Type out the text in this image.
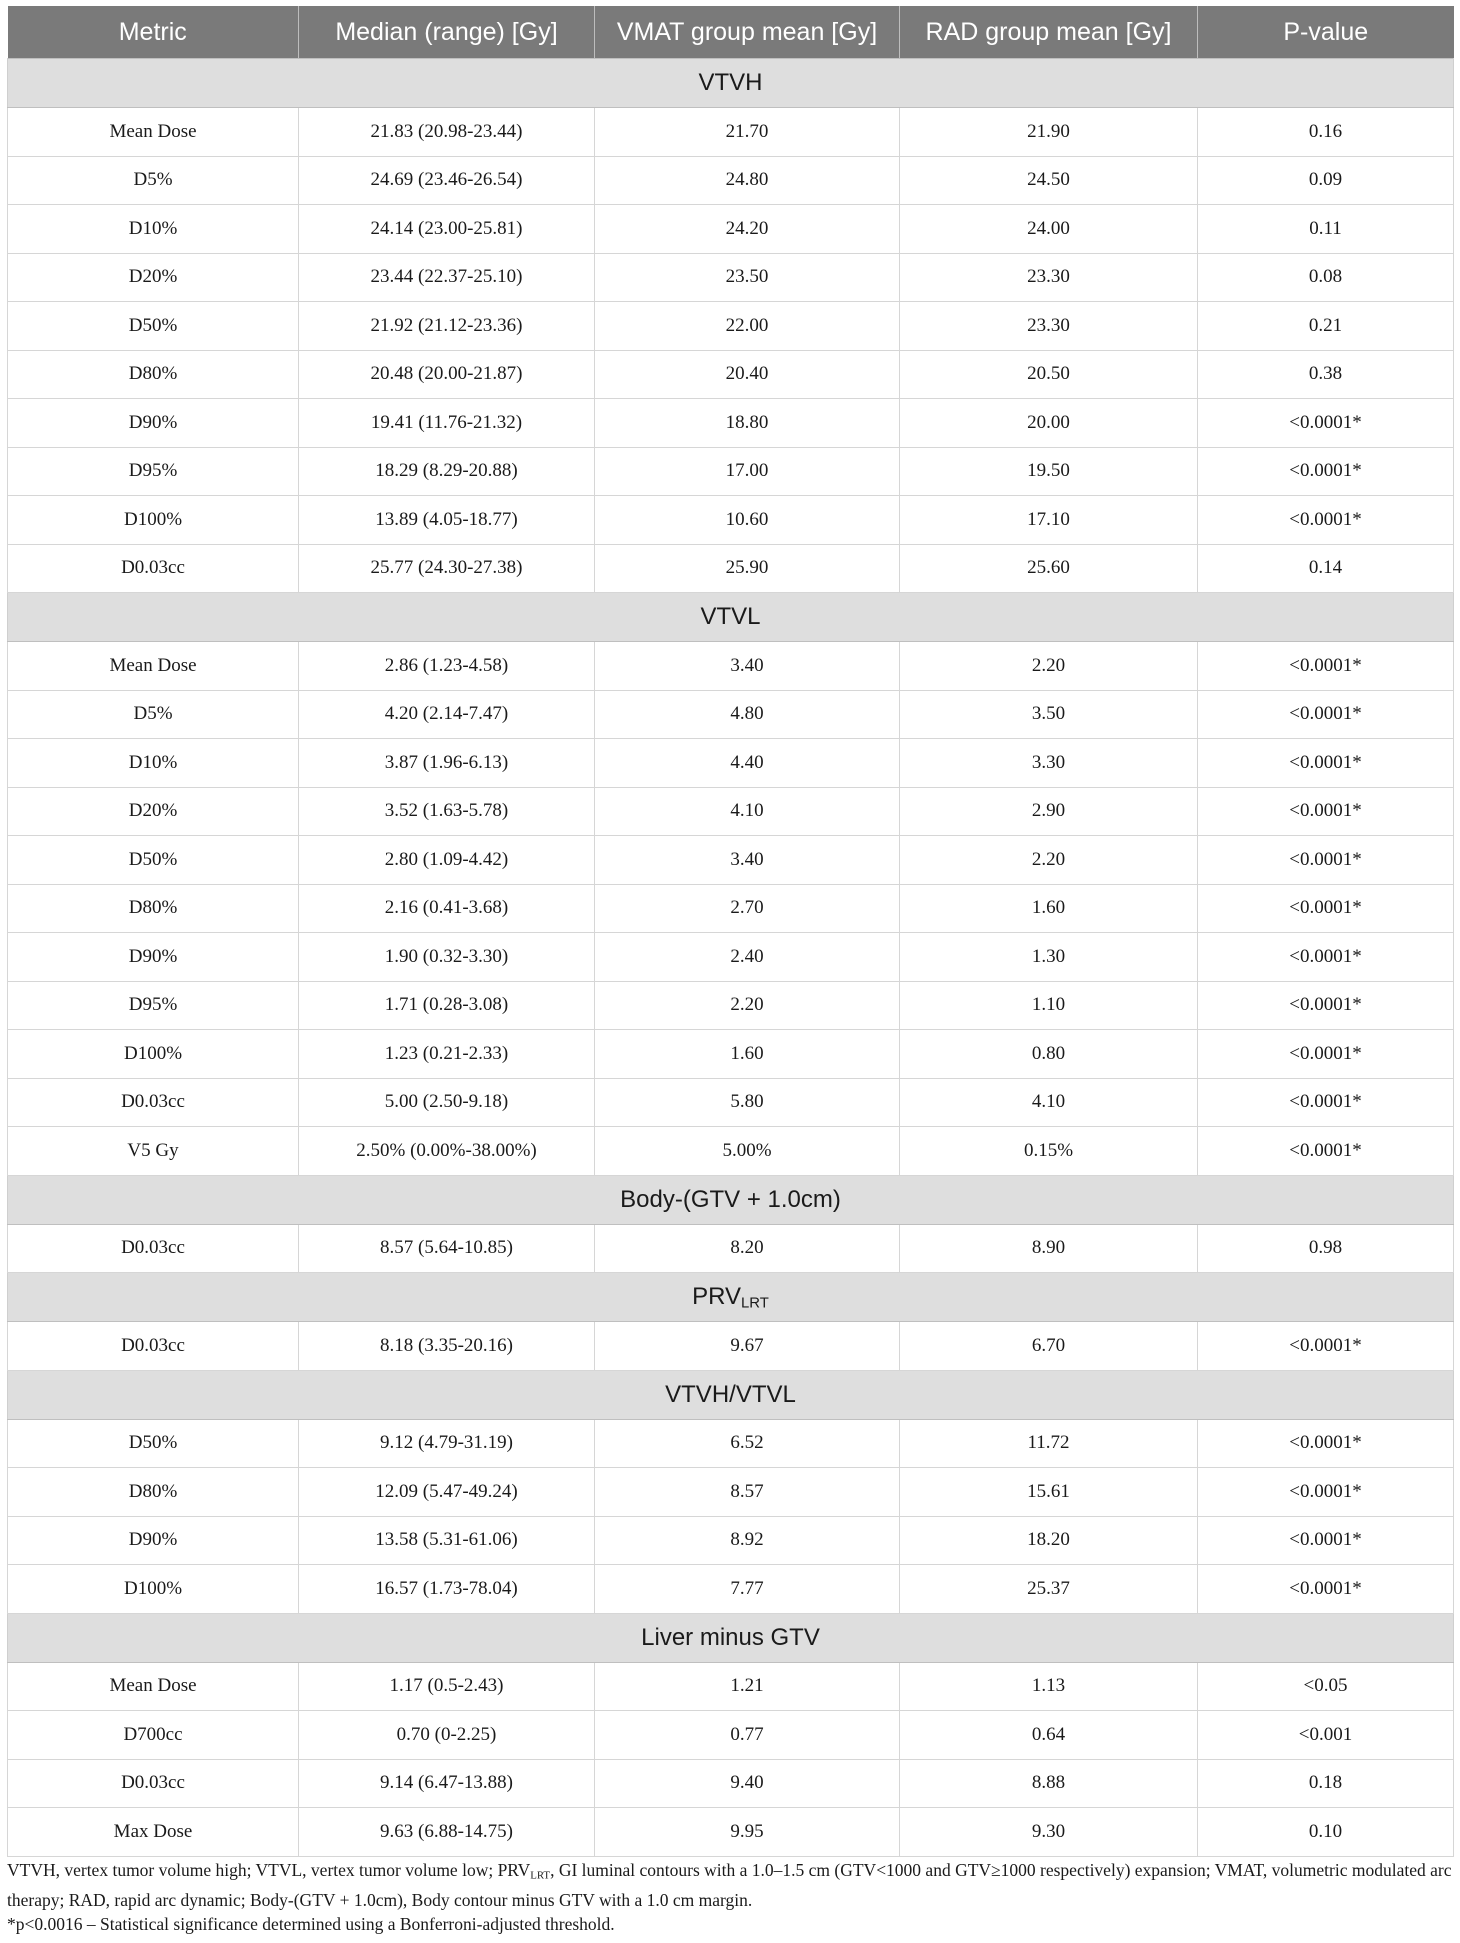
Metric	Median (range) [Gy]	VMAT group mean [Gy]	RAD group mean [Gy]	P-value
VTVH				
Mean Dose	21.83 (20.98-23.44)	21.70	21.90	0.16
D5%	24.69 (23.46-26.54)	24.80	24.50	0.09
D10%	24.14 (23.00-25.81)	24.20	24.00	0.11
D20%	23.44 (22.37-25.10)	23.50	23.30	0.08
D50%	21.92 (21.12-23.36)	22.00	23.30	0.21
D80%	20.48 (20.00-21.87)	20.40	20.50	0.38
D90%	19.41 (11.76-21.32)	18.80	20.00	<0.0001*
D95%	18.29 (8.29-20.88)	17.00	19.50	<0.0001*
D100%	13.89 (4.05-18.77)	10.60	17.10	<0.0001*
D0.03cc	25.77 (24.30-27.38)	25.90	25.60	0.14
VTVL				
Mean Dose	2.86 (1.23-4.58)	3.40	2.20	<0.0001*
D5%	4.20 (2.14-7.47)	4.80	3.50	<0.0001*
D10%	3.87 (1.96-6.13)	4.40	3.30	<0.0001*
D20%	3.52 (1.63-5.78)	4.10	2.90	<0.0001*
D50%	2.80 (1.09-4.42)	3.40	2.20	<0.0001*
D80%	2.16 (0.41-3.68)	2.70	1.60	<0.0001*
D90%	1.90 (0.32-3.30)	2.40	1.30	<0.0001*
D95%	1.71 (0.28-3.08)	2.20	1.10	<0.0001*
D100%	1.23 (0.21-2.33)	1.60	0.80	<0.0001*
D0.03cc	5.00 (2.50-9.18)	5.80	4.10	<0.0001*
V5 Gy	2.50% (0.00%-38.00%)	5.00%	0.15%	<0.0001*
Body-(GTV + 1.0cm)				
D0.03cc	8.57 (5.64-10.85)	8.20	8.90	0.98
$PRV_{LRT}$
D0.03cc	8.18 (3.35-20.16)	9.67	6.70	<0.0001*
VTVH/VTVL				
D50%	9.12 (4.79-31.19)	6.52	11.72	<0.0001*
D80%	12.09 (5.47-49.24)	8.57	15.61	<0.0001*
D90%	13.58 (5.31-61.06)	8.92	18.20	<0.0001*
D100%	16.57 (1.73-78.04)	7.77	25.37	<0.0001*
Liver minus GTV				
Mean Dose	1.17 (0.5-2.43)	1.21	1.13	<0.05
D700cc	0.70 (0-2.25)	0.77	0.64	<0.001
D0.03cc	9.14 (6.47-13.88)	9.40	8.88	0.18
Max Dose	9.63 (6.88-14.75)	9.95	9.30	0.10

VTVH, vertex tumor volume high; VTVL, vertex tumor volume low; $PRV_{LRT}$, GI luminal contours with a 1.0–1.5 cm (GTV<1000 and GTV≥1000 respectively) expansion; VMAT, volumetric modulated arc therapy; RAD, rapid arc dynamic; Body-(GTV + 1.0cm), Body contour minus GTV with a 1.0 cm margin.

*p<0.0016 – Statistical significance determined using a Bonferroni-adjusted threshold.
